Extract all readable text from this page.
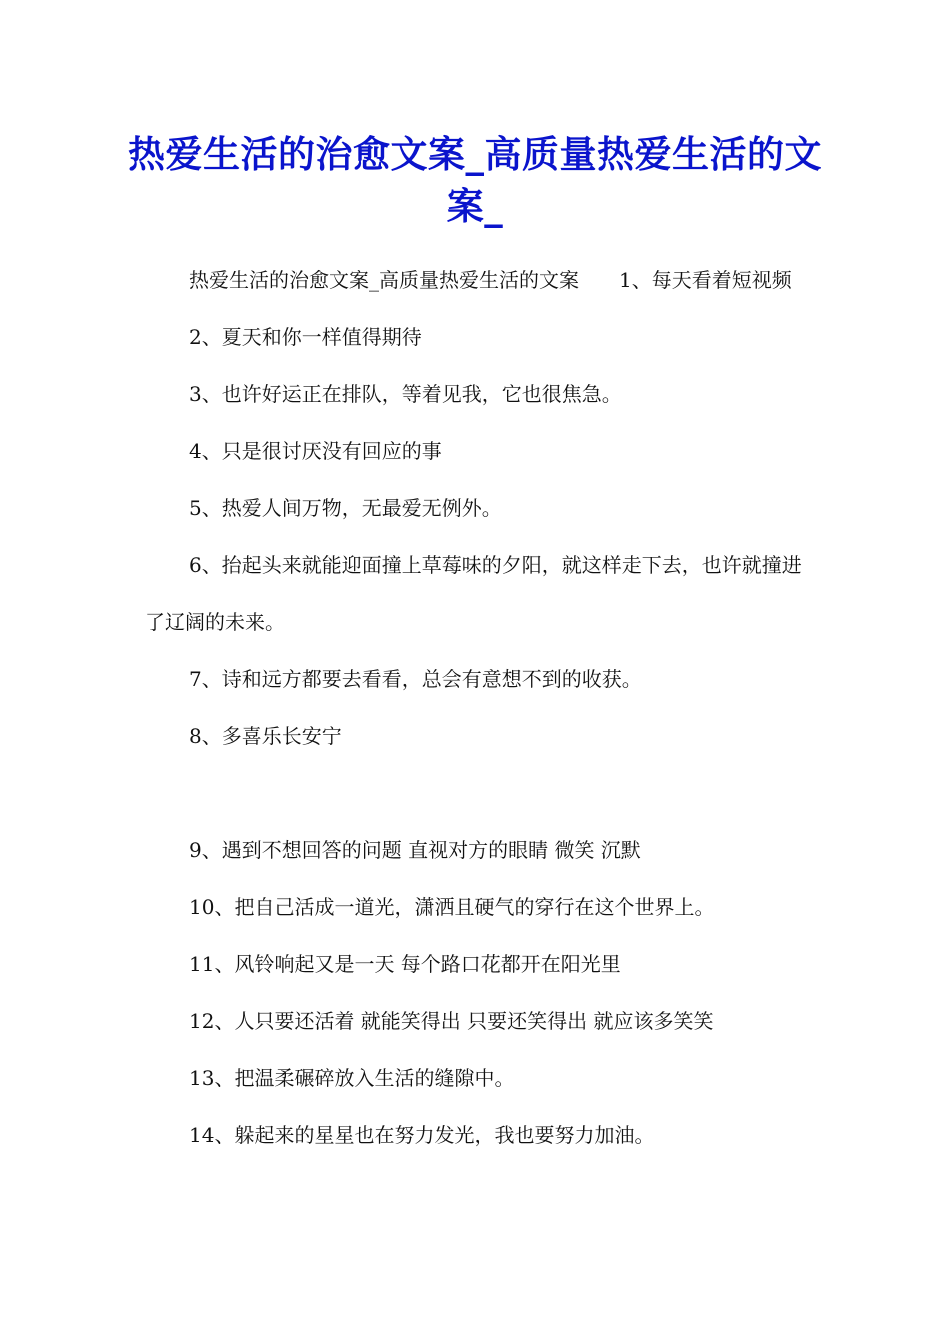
热爱生活的治愈文案_高质量热爱生活的文案_

热爱生活的治愈文案_高质量热爱生活的文案　　1、每天看着短视频

2、夏天和你一样值得期待

3、也许好运正在排队，等着见我，它也很焦急。

4、只是很讨厌没有回应的事

5、热爱人间万物，无最爱无例外。

6、抬起头来就能迎面撞上草莓味的夕阳，就这样走下去，也许就撞进了辽阔的未来。

7、诗和远方都要去看看，总会有意想不到的收获。

8、多喜乐长安宁

9、遇到不想回答的问题 直视对方的眼睛 微笑 沉默

10、把自己活成一道光，潇洒且硬气的穿行在这个世界上。

11、风铃响起又是一天 每个路口花都开在阳光里

12、人只要还活着 就能笑得出 只要还笑得出 就应该多笑笑

13、把温柔碾碎放入生活的缝隙中。

14、躲起来的星星也在努力发光，我也要努力加油。
